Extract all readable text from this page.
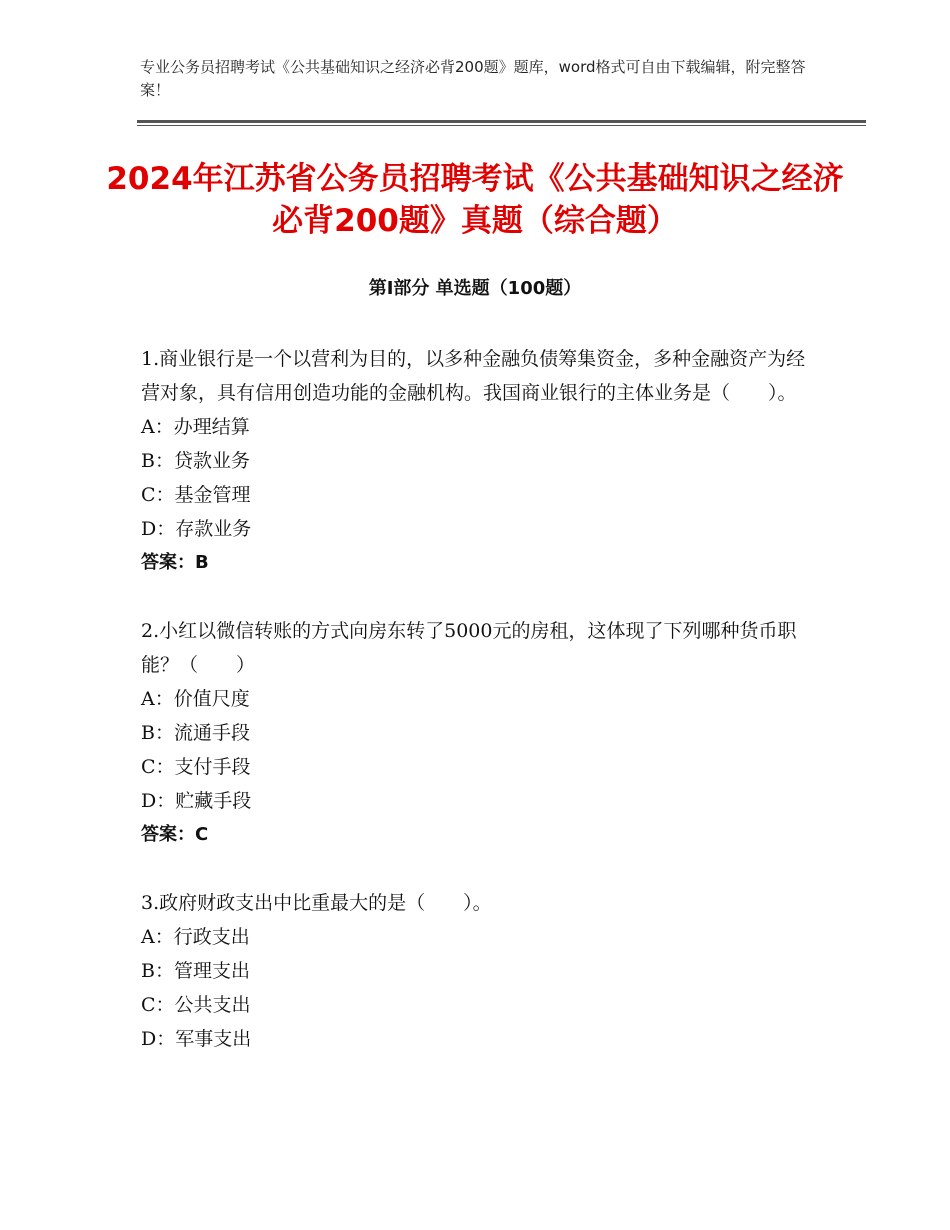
专业公务员招聘考试《公共基础知识之经济必背200题》题库，word格式可自由下载编辑，附完整答案！
2024年江苏省公务员招聘考试《公共基础知识之经济必背200题》真题（综合题）
第Ⅰ部分 单选题（100题）

1.商业银行是一个以营利为目的，以多种金融负债筹集资金，多种金融资产为经营对象，具有信用创造功能的金融机构。我国商业银行的主体业务是（　　）。

A：办理结算

B：贷款业务

C：基金管理

D：存款业务

答案：B

2.小红以微信转账的方式向房东转了5000元的房租，这体现了下列哪种货币职能？（　　）

A：价值尺度

B：流通手段

C：支付手段

D：贮藏手段

答案：C

3.政府财政支出中比重最大的是（　　）。

A：行政支出

B：管理支出

C：公共支出

D：军事支出
